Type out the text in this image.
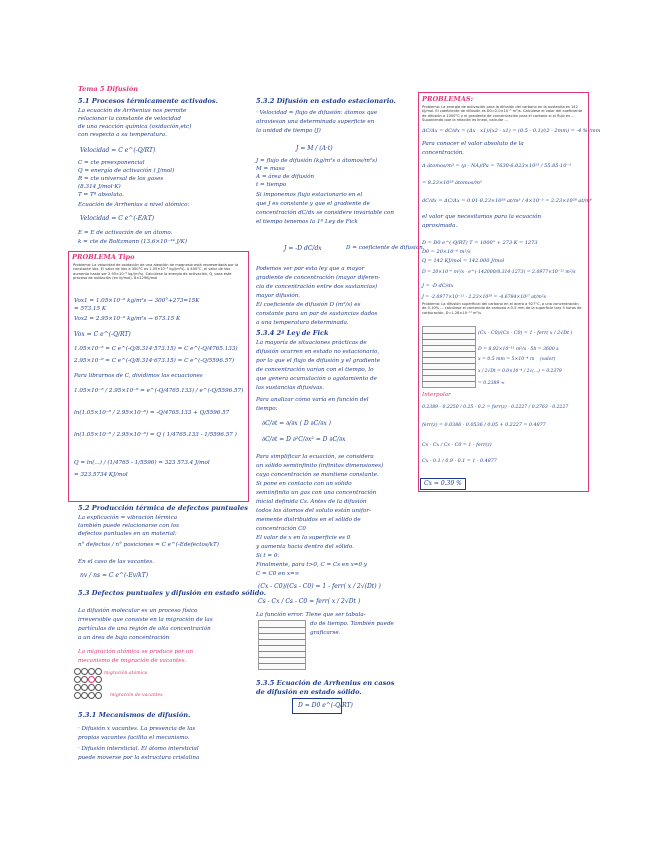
Tema 5 Difusión
5.1 Procesos térmicamente activados.
La ecuación de Arrhenius nos permite
relacionar la constante de velocidad
de una reacción química (oxidación,etc)
con respecto a su temperatura.
Velocidad = C e^(-Q/RT)
C = cte preexponencial
Q = energía de activación ( J/mol)
R = cte universal de los gases
(8.314 J/mol·K)
T = Tª absoluta.
Ecuación de Arrhenius a nivel atómico:
Velocidad = C e^(-E/kT)
E = E de activación de un átomo.
k = cte de Boltzmann (13.6×10⁻²⁴ J/K)
PROBLEMA Tipo
Problema: La velocidad de oxidación de una aleación de magnesio está representada por la constante Vox. El valor de Vox a 300°C es 1.05×10⁻⁸ kg/(m²s). A 400°C, el valor de Vox aumenta hasta ser 2.95×10⁻⁸ kg/(m²s). Calcúlese la energía de activación, Q, para este proceso de oxidación (en kJ/mol). 8×129Kj/mol
Vox1 = 1.05×10⁻⁸ kg/m²s → 300°+273=15K
= 573.15 K
Vox2 = 2.95×10⁻⁸ kg/m²s → 673.15 K
Vox = C e^(-Q/RT)
1.05×10⁻⁸ = C e^(-Q/8.314·573.15) = C e^(-Q/4765.133)
2.95×10⁻⁸ = C e^(-Q/8.314·673.15) = C e^(-Q/5596.57)
Para librarnos de C, dividimos las ecuaciones
1.05×10⁻⁸ / 2.95×10⁻⁸ = e^(-Q/4765.133) / e^(-Q/5596.57)
ln(1.05×10⁻⁸ / 2.95×10⁻⁸) = -Q/4765.133 + Q/5596.57
ln(1.05×10⁻⁸ / 2.95×10⁻⁸) = Q ( 1/4765.133 - 1/5596.57 )
Q = ln(...) / (1/4765 - 1/5596) = 323 573.4 J/mol
= 323.5734 KJ/mol
5.2 Producción térmica de defectos puntuales
La explicación = vibración térmica
también puede relacionarse con los
defectos puntuales en un material:
n° defectos / n° posiciones = C e^(-Edefectos/kT)
En el caso de las vacantes.
nv / ns = C e^(-Ev/kT)
5.3 Defectos puntuales y difusión en estado sólido.
La difusión molecular es un proceso físico
irreversible que consiste en la migración de las
partículas de una región de alta concentración
a un área de baja concentración
La migración atómica se produce por un
mecanismo de migración de vacantes.
migración atómica
migración de vacantes
5.3.1 Mecanismos de difusión.
· Difusión x vacantes. La presencia de las
propias vacantes facilita el mecanismo.
· Difusión intersticial. El átomo intersticial
puede moverse por la estructura cristalina
5.3.2 Difusión en estado estacionario.
· Velocidad = flujo de difusión: átomos que
atraviesan una determinada superficie en
la unidad de tiempo (J)
J = M / (A·t)
J = flujo de difusión (kg/m²s o átomos/m²s)
M = masa
A = área de difusión
t = tiempo
Si imponemos flujo estacionario en el
que J es constante y que el gradiente de
concentración dC/dx se considere invariable con
el tiempo tenemos la 1ª Ley de Fick
J = -D dC/dx	D = coeficiente de difusión.
Podemos ver por esta ley que a mayor
gradiente de concentración (mayor diferen-
cia de concentración entre dos sustancias)
mayor difusión.
El coeficiente de difusión D (m²/s) es
constante para un par de sustancias dados
a una temperatura determinada.
5.3.4 2ª Ley de Fick
La mayoría de situaciones prácticas de
difusión ocurren en estado no estacionario,
por lo que el flujo de difusión y el gradiente
de concentración varían con el tiempo, lo
que genera acumulación o agotamiento de
las sustancias difusivas.
Para analizar cómo varía en función del
tiempo:
∂C/∂t = ∂/∂x ( D ∂C/∂x )
∂C/∂t = D ∂²C/∂x² = D ∂C/∂x
Para simplificar la ecuación, se considera
un sólido semiinfinito (infinitas dimensiones)
cuya concentración se mantiene constante.
Si pone en contacto con un sólido
semiinfinito un gas con una concentración
inicial definida Cs. Antes de la difusión
todos los átomos del soluto están unifor-
memente distribuidos en el sólido de
concentración C0
El valor de x en la superficie es 0
y aumenta hacia dentro del sólido.
Si t = 0:
Finalmente, para t>0, C = Cs en x=0 y
C = C0 en x=∞
(Cx - C0)/(Cs - C0) = 1 - ferr( x / 2√(Dt) )
Cs - Cx / Cs - C0 = ferr( x / 2√Dt )
La función error. Tiene que ser tabula-
do de tiempo. También puede
graficarse.
5.3.5 Ecuación de Arrhenius en casos
de difusión en estado sólido.
D = D0 e^(-Q/RT)
PROBLEMAS:
Problema: La energía de activación para la difusión del carbono en la austenita es 142 kJ/mol. El coeficiente de difusión es D0=2.0×10⁻⁵ m²/s. Calcúlese el valor del coeficiente de difusión a 1000°C y el gradiente de concentración para el carbono si el flujo es ... Suponiendo que la relación es lineal, calcular ...
ΔC/Δx = dC/dx = (Δx - x1)/(x2 - x1) = (0.5 - 0.1)/(2 - 2mm) = -4 % /mm
Para conocer el valor absoluto de la
concentración.
Δ átomos/m³ = (ρ · NA)/Pa = 7630·6.023×10²³ / 55.85·10⁻³
= 8.23×10²⁸ átomos/m³
dC/dx = ΔC/Δx = 0.01·8.23×10²⁸ at/m³ / 4×10⁻³ = 2.23×10²⁸ at/m⁴
el valor que necesitamos para la ecuación
aproximada.
D = D0 e^(-Q/RT) T = 1000° + 273 K = 1273
D0 = 20×10⁻⁶ m²/s
Q = 142 KJ/mol = 142.000 J/mol
D = 20×10⁻⁶ m²/s · e^(-142000/8.314·1273) = 2.0977×10⁻¹¹ m²/s
J = -D dC/dx
J = -2.0977×10⁻¹¹ · 2.23×10²⁸ = -4.6784×10¹⁷ at/m²s
Problema: La difusión superficial del carbono en el acero a 927°C, a una concentración de 0.10% ... calcúlese el contenido de carbono a 0.5 mm de la superficie tras 5 horas de carburación. D=1.28×10⁻¹¹ m²/s
(Cx - C0)/(Cs - C0) = 1 - ferr( x / 2√Dt )
D = 8.92×10⁻¹¹ m²/s · 5h = 3600 s
x = 0.5 mm = 5×10⁻⁴ m
x / 2√Dt = 0.0×10⁻⁴ / 2√(...) = 0.2379
= 0.2389 ≈
Interpolar
0.2389 - 0.2250 / 0.25 - 0.2 = ferr(z) - 0.2227 / 0.2763 - 0.2227
ferr(z) = 0.0386 · 0.0536 / 0.05 + 0.2227 = 0.4877
Cs - Cx / Cs - C0 = 1 - ferr(z)
Cx - 0.1 / 0.9 - 0.1 = 1 - 0.4877
Cx = 0.39 %
(valor)
